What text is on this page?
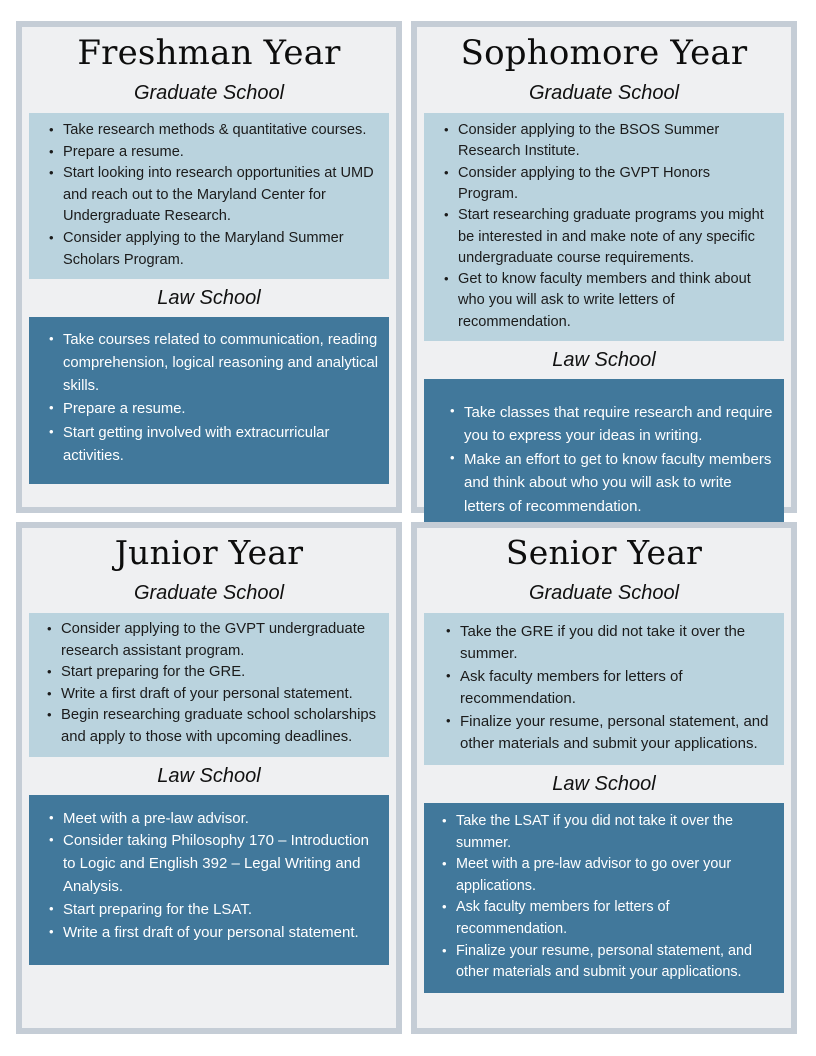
Freshman Year
Graduate School
• Take research methods & quantitative courses.
• Prepare a resume.
• Start looking into research opportunities at UMD and reach out to the Maryland Center for Undergraduate Research.
• Consider applying to the Maryland Summer Scholars Program.
Law School
• Take courses related to communication, reading comprehension, logical reasoning and analytical skills.
• Prepare a resume.
• Start getting involved with extracurricular activities.
Sophomore Year
Graduate School
• Consider applying to the BSOS Summer Research Institute.
• Consider applying to the GVPT Honors Program.
• Start researching graduate programs you might be interested in and make note of any specific undergraduate course requirements.
• Get to know faculty members and think about who you will ask to write letters of recommendation.
Law School
• Take classes that require research and require you to express your ideas in writing.
• Make an effort to get to know faculty members and think about who you will ask to write letters of recommendation.
Junior Year
Graduate School
• Consider applying to the GVPT undergraduate research assistant program.
• Start preparing for the GRE.
• Write a first draft of your personal statement.
• Begin researching graduate school scholarships and apply to those with upcoming deadlines.
Law School
• Meet with a pre-law advisor.
• Consider taking Philosophy 170 – Introduction to Logic and English 392 – Legal Writing and Analysis.
• Start preparing for the LSAT.
• Write a first draft of your personal statement.
Senior Year
Graduate School
• Take the GRE if you did not take it over the summer.
• Ask faculty members for letters of recommendation.
• Finalize your resume, personal statement, and other materials and submit your applications.
Law School
• Take the LSAT if you did not take it over the summer.
• Meet with a pre-law advisor to go over your applications.
• Ask faculty members for letters of recommendation.
• Finalize your resume, personal statement, and other materials and submit your applications.
